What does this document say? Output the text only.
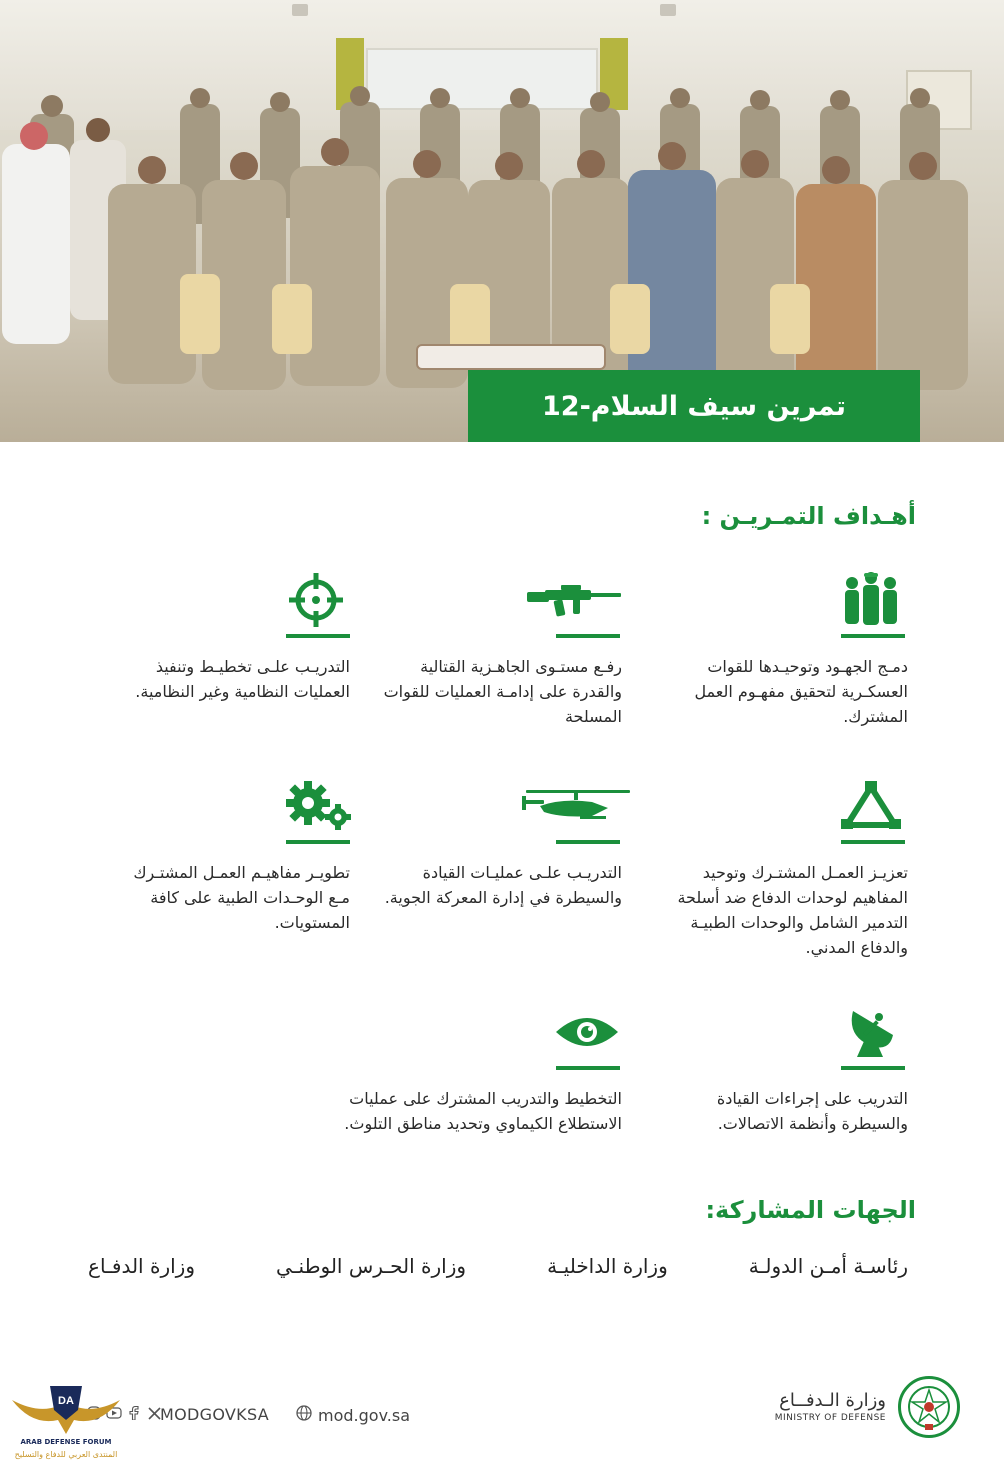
تمرين سيف السلام-12
أهـداف التمـريـن :
دمـج الجهـود وتوحيـدها للقوات العسكـرية لتحقيق مفهـوم العمل المشترك.
رفـع مستـوى الجاهـزية القتالية والقدرة على إدامـة العمليات للقوات المسلحة
التدريـب علـى تخطيـط وتنفيذ العمليات النظامية وغير النظامية.
تعزيـز العمـل المشتـرك وتوحيد المفاهيم لوحدات الدفاع ضد أسلحة التدمير الشامل والوحدات الطبيـة والدفاع المدني.
التدريـب علـى عمليـات القيادة والسيطرة في إدارة المعركة الجوية.
تطويـر مفاهيـم العمـل المشتـرك مـع الوحـدات الطبية على كافة المستويات.
التدريب على إجراءات القيادة والسيطرة وأنظمة الاتصالات.
التخطيط والتدريب المشترك على عمليات الاستطلاع الكيماوي وتحديد مناطق التلوث.
الجهات المشاركة:
وزارة الدفـاع	وزارة الحـرس الوطنـي	وزارة الداخليـة	رئاسـة أمـن الدولـة
وزارة الـدفــاع
MINISTRY OF DEFENSE
mod.gov.sa
MODGOVKSA
DA
ARAB DEFENSE FORUM
المنتدى العربي للدفاع والتسليح
